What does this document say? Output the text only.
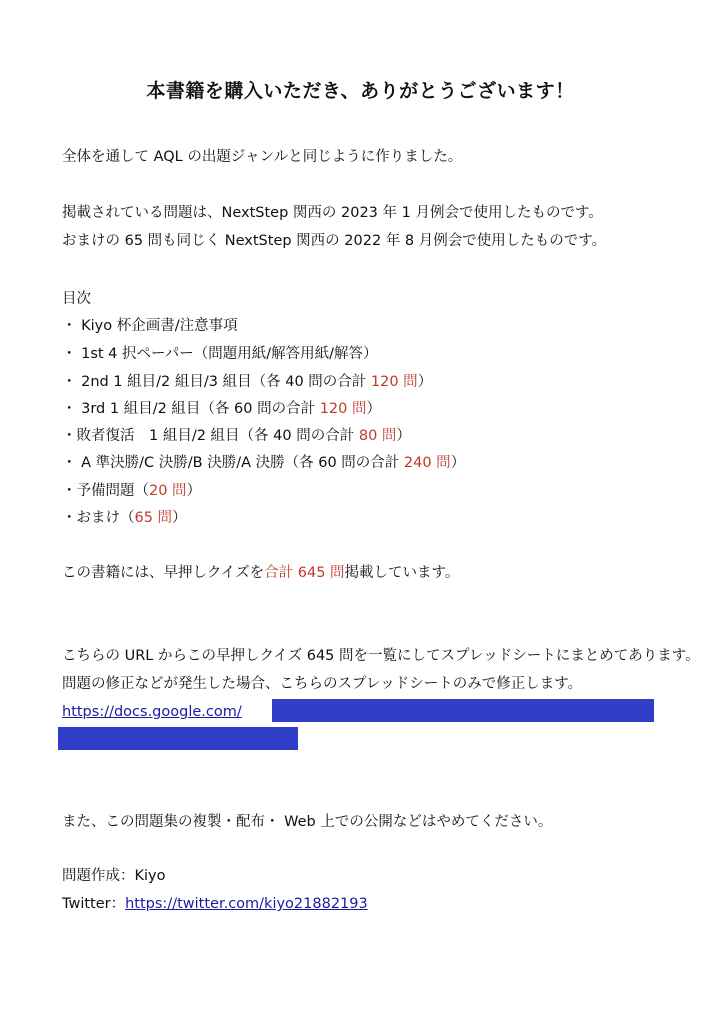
本書籍を購入いただき、ありがとうございます！
全体を通して AQL の出題ジャンルと同じように作りました。
掲載されている問題は、NextStep 関西の 2023 年 1 月例会で使用したものです。
おまけの 65 問も同じく NextStep 関西の 2022 年 8 月例会で使用したものです。
目次
・ Kiyo 杯企画書/注意事項
・ 1st 4 択ペーパー（問題用紙/解答用紙/解答）
・ 2nd 1 組目/2 組目/3 組目（各 40 問の合計 120 問）
・ 3rd 1 組目/2 組目（各 60 問の合計 120 問）
・敗者復活　1 組目/2 組目（各 40 問の合計 80 問）
・ A 準決勝/C 決勝/B 決勝/A 決勝（各 60 問の合計 240 問）
・予備問題（20 問）
・おまけ（65 問）
この書籍には、早押しクイズを合計 645 問掲載しています。
こちらの URL からこの早押しクイズ 645 問を一覧にしてスプレッドシートにまとめてあります。
問題の修正などが発生した場合、こちらのスプレッドシートのみで修正します。
https://docs.google.com/
また、この問題集の複製・配布・ Web 上での公開などはやめてください。
問題作成：Kiyo
Twitter：https://twitter.com/kiyo21882193
